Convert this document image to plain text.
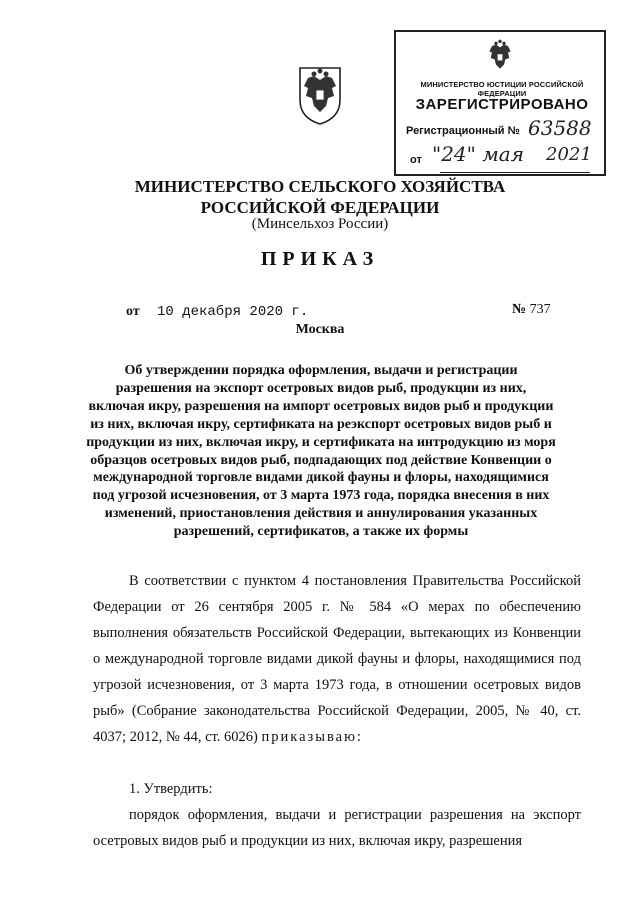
МИНИСТЕРСТВО ЮСТИЦИИ РОССИЙСКОЙ ФЕДЕРАЦИИ
ЗАРЕГИСТРИРОВАНО
Регистрационный № 63588
от "24" мая 2021
МИНИСТЕРСТВО СЕЛЬСКОГО ХОЗЯЙСТВА
РОССИЙСКОЙ ФЕДЕРАЦИИ
(Минсельхоз России)
ПРИКАЗ
от 10 декабря 2020 г.	№ 737
Москва
Об утверждении порядка оформления, выдачи и регистрации разрешения на экспорт осетровых видов рыб, продукции из них, включая икру, разрешения на импорт осетровых видов рыб и продукции из них, включая икру, сертификата на реэкспорт осетровых видов рыб и продукции из них, включая икру, и сертификата на интродукцию из моря образцов осетровых видов рыб, подпадающих под действие Конвенции о международной торговле видами дикой фауны и флоры, находящимися под угрозой исчезновения, от 3 марта 1973 года, порядка внесения в них изменений, приостановления действия и аннулирования указанных разрешений, сертификатов, а также их формы
В соответствии с пунктом 4 постановления Правительства Российской Федерации от 26 сентября 2005 г. № 584 «О мерах по обеспечению выполнения обязательств Российской Федерации, вытекающих из Конвенции о международной торговле видами дикой фауны и флоры, находящимися под угрозой исчезновения, от 3 марта 1973 года, в отношении осетровых видов рыб» (Собрание законодательства Российской Федерации, 2005, № 40, ст. 4037; 2012, № 44, ст. 6026) приказываю:
1. Утвердить:
порядок оформления, выдачи и регистрации разрешения на экспорт осетровых видов рыб и продукции из них, включая икру, разрешения
